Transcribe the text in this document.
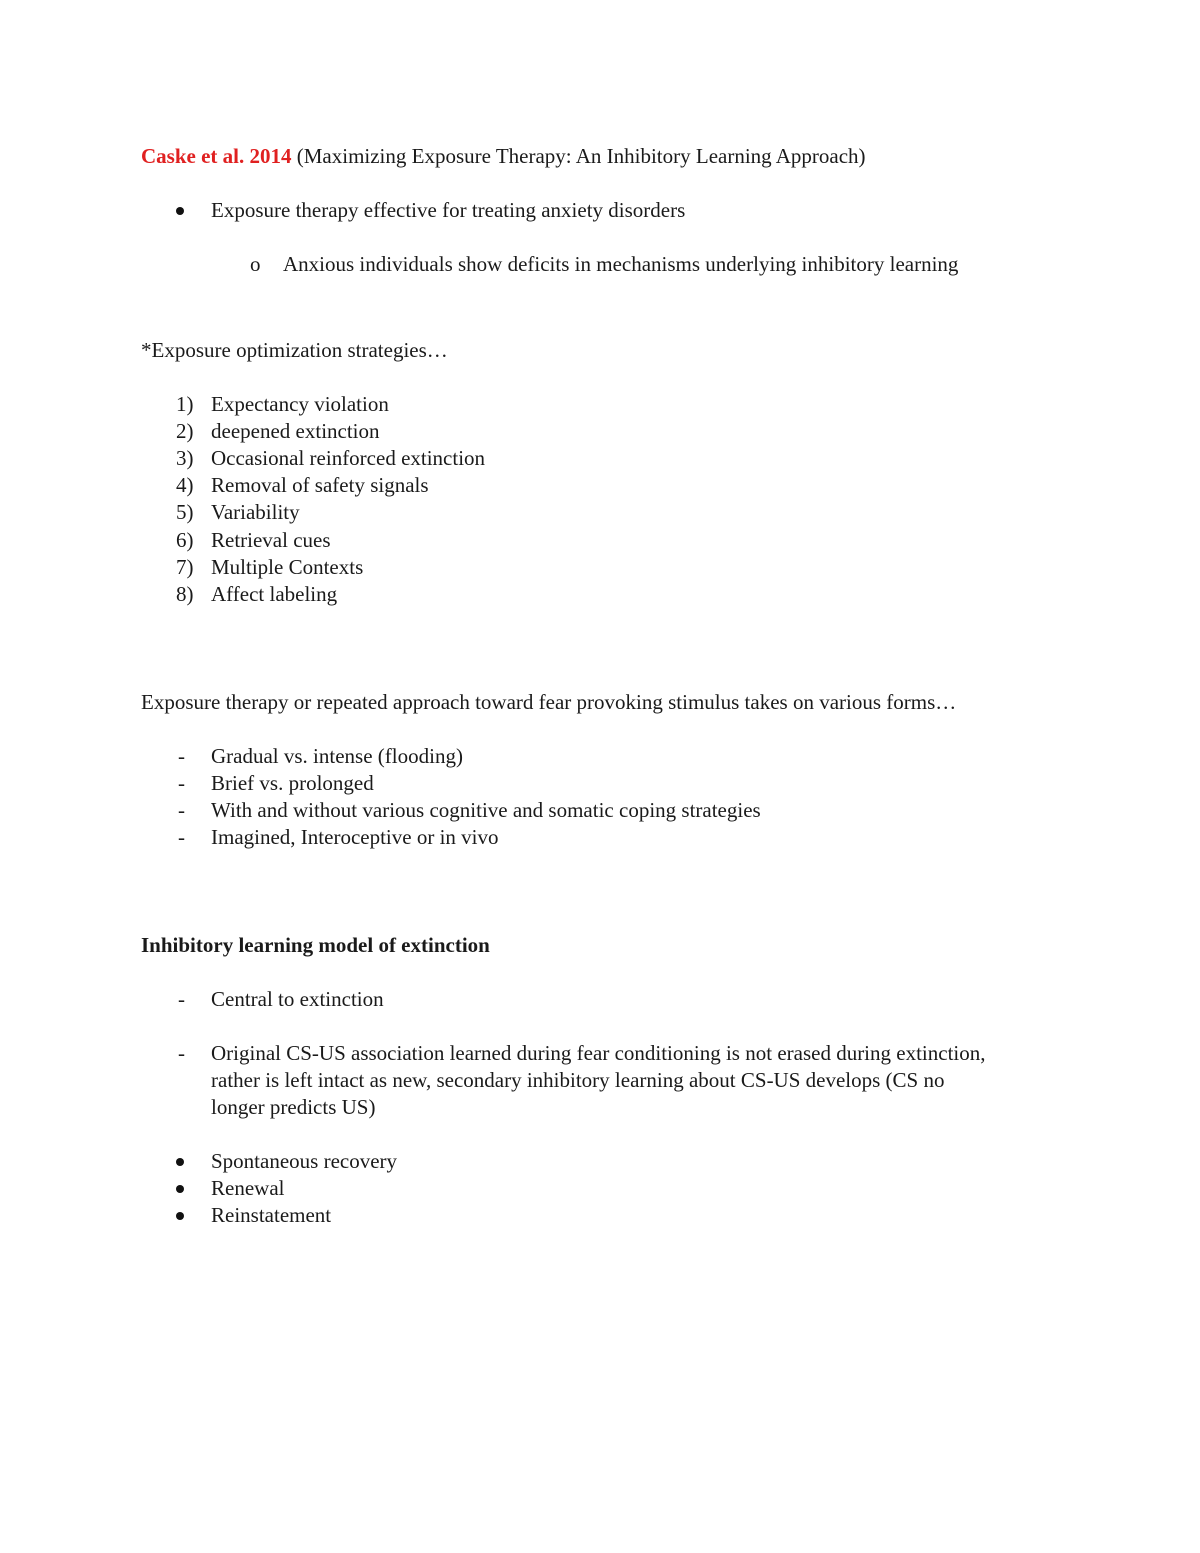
Caske et al. 2014 (Maximizing Exposure Therapy: An Inhibitory Learning Approach)
Exposure therapy effective for treating anxiety disorders
o Anxious individuals show deficits in mechanisms underlying inhibitory learning
*Exposure optimization strategies…
1) Expectancy violation
2) deepened extinction
3) Occasional reinforced extinction
4) Removal of safety signals
5) Variability
6) Retrieval cues
7) Multiple Contexts
8) Affect labeling
Exposure therapy or repeated approach toward fear provoking stimulus takes on various forms…
- Gradual vs. intense (flooding)
- Brief vs. prolonged
- With and without various cognitive and somatic coping strategies
- Imagined, Interoceptive or in vivo
Inhibitory learning model of extinction
- Central to extinction
- Original CS-US association learned during fear conditioning is not erased during extinction, rather is left intact as new, secondary inhibitory learning about CS-US develops (CS no longer predicts US)
Spontaneous recovery
Renewal
Reinstatement
